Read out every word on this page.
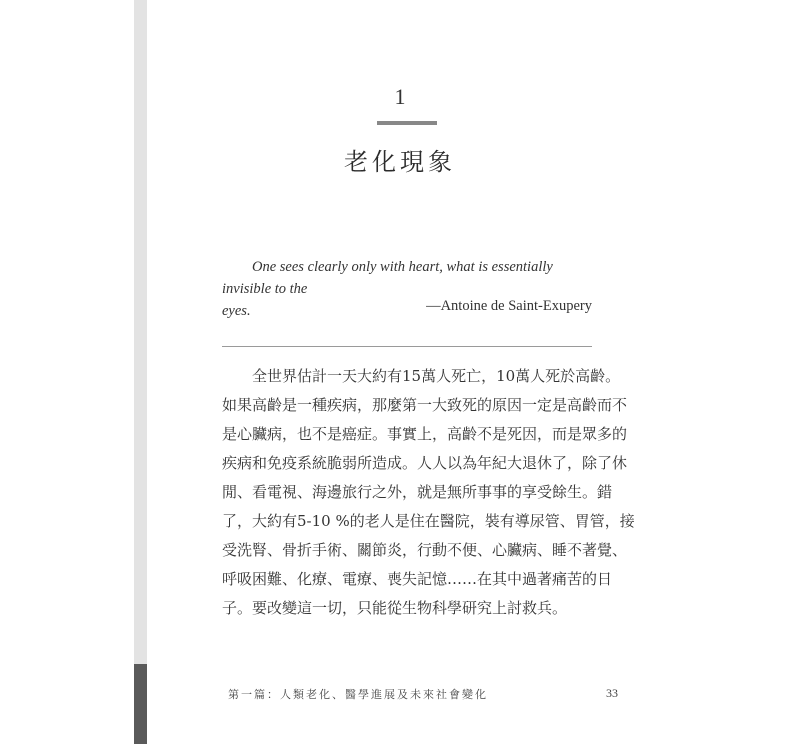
1
老化現象
One sees clearly only with heart, what is essentially invisible to the
eyes.	—Antoine de Saint-Exupery
　　全世界估計一天大約有15萬人死亡，10萬人死於高齡。
如果高齡是一種疾病，那麼第一大致死的原因一定是高齡而不
是心臟病，也不是癌症。事實上，高齡不是死因，而是眾多的
疾病和免疫系統脆弱所造成。人人以為年紀大退休了，除了休
閒、看電視、海邊旅行之外，就是無所事事的享受餘生。錯
了，大約有5-10 %的老人是住在醫院，裝有導尿管、胃管，接
受洗腎、骨折手術、關節炎，行動不便、心臟病、睡不著覺、
呼吸困難、化療、電療、喪失記憶……在其中過著痛苦的日
子。要改變這一切，只能從生物科學研究上討救兵。
第一篇：人類老化、醫學進展及未來社會變化	33
